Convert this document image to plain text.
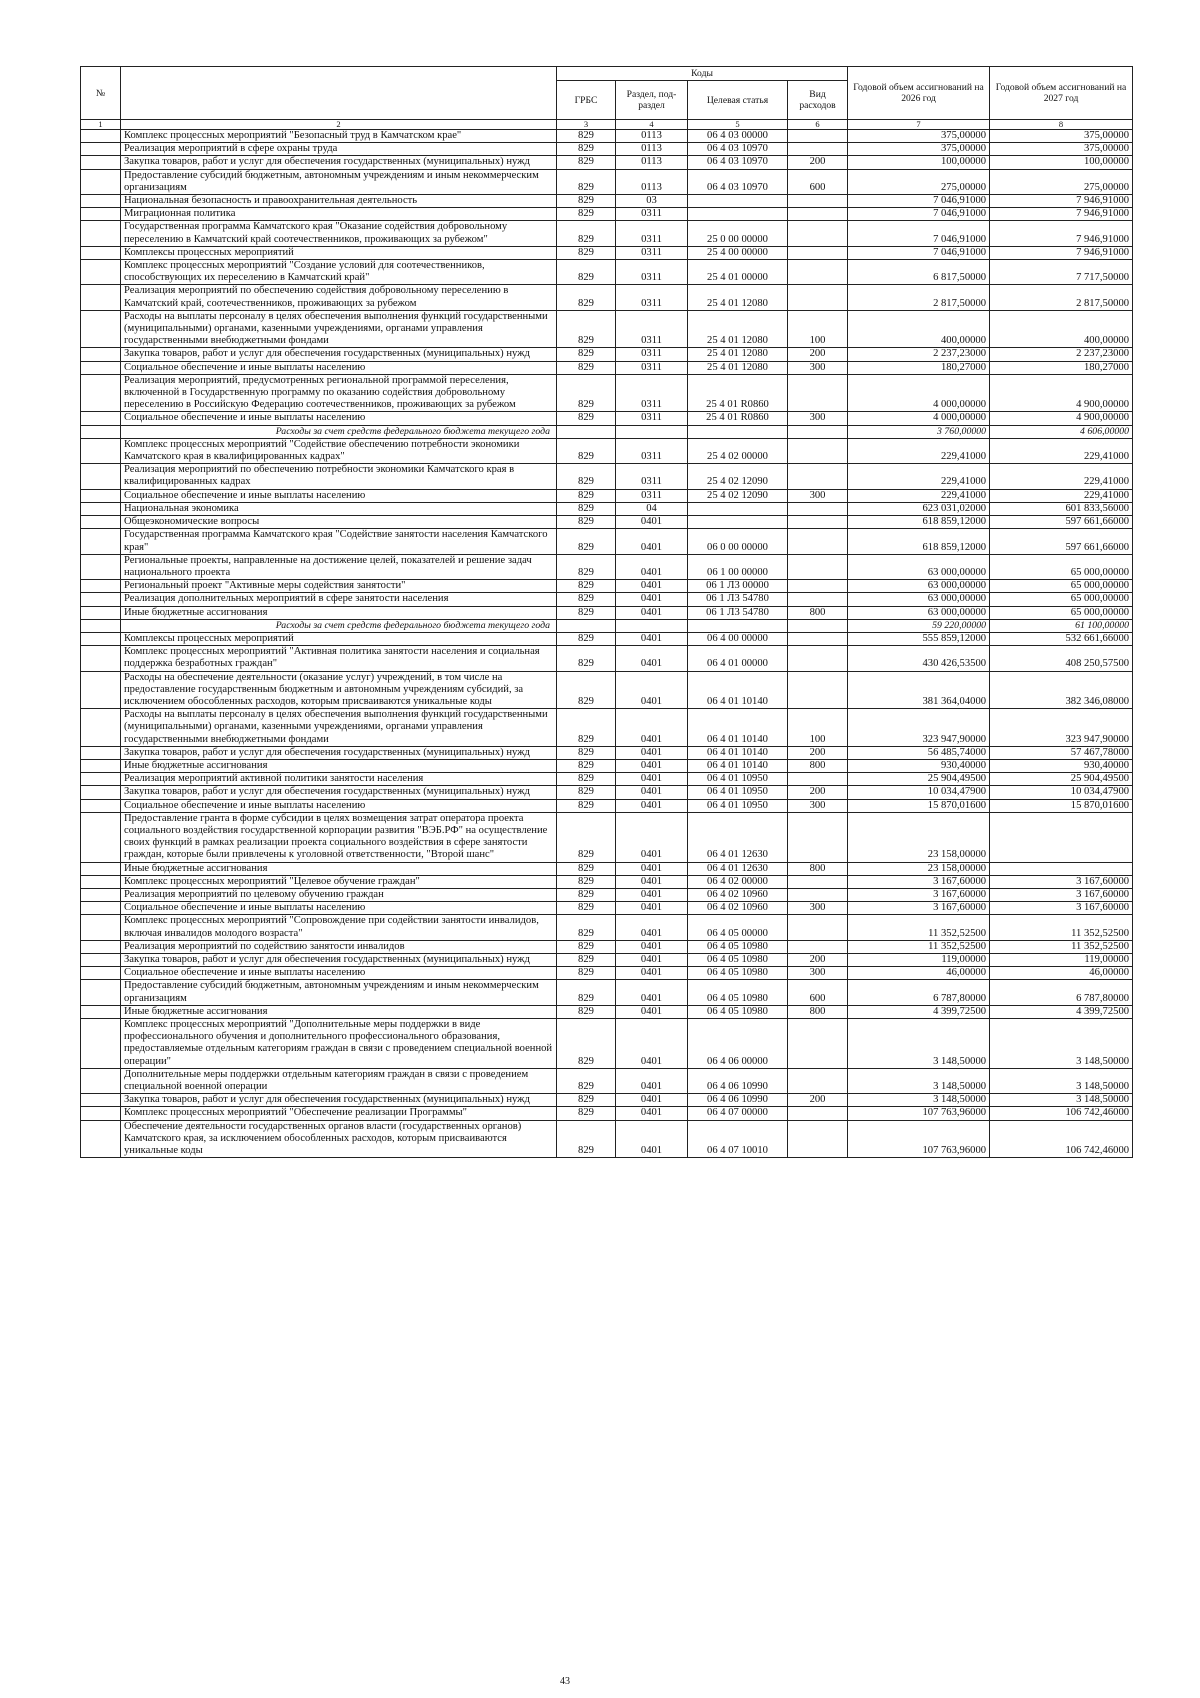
№		Коды				Годовой объем ассигнований на 2026 год	Годовой объем ассигнований на 2027 год
		ГРБС	Раздел, под-раздел	Целевая статья	Вид расходов		
1	2	3	4	5	6	7	8
	Комплекс процессных мероприятий "Безопасный труд в Камчатском крае"	829	0113	06 4 03 00000		375,00000	375,00000
	Реализация мероприятий в сфере охраны труда	829	0113	06 4 03 10970		375,00000	375,00000
	Закупка товаров, работ и услуг для обеспечения государственных (муниципальных) нужд	829	0113	06 4 03 10970	200	100,00000	100,00000
	Предоставление субсидий бюджетным, автономным учреждениям и иным некоммерческим организациям	829	0113	06 4 03 10970	600	275,00000	275,00000
	Национальная безопасность и правоохранительная деятельность	829	03			7 046,91000	7 946,91000
	Миграционная политика	829	0311			7 046,91000	7 946,91000
	Государственная программа Камчатского края "Оказание содействия добровольному переселению в Камчатский край соотечественников, проживающих за рубежом"	829	0311	25 0 00 00000		7 046,91000	7 946,91000
	Комплексы процессных мероприятий	829	0311	25 4 00 00000		7 046,91000	7 946,91000
	Комплекс процессных мероприятий "Создание условий для соотечественников, способствующих их переселению в Камчатский край"	829	0311	25 4 01 00000		6 817,50000	7 717,50000
	Реализация мероприятий по обеспечению содействия добровольному переселению в Камчатский край, соотечественников, проживающих за рубежом	829	0311	25 4 01 12080		2 817,50000	2 817,50000
	Расходы на выплаты персоналу в целях обеспечения выполнения функций государственными (муниципальными) органами, казенными учреждениями, органами управления государственными внебюджетными фондами	829	0311	25 4 01 12080	100	400,00000	400,00000
	Закупка товаров, работ и услуг для обеспечения государственных (муниципальных) нужд	829	0311	25 4 01 12080	200	2 237,23000	2 237,23000
	Социальное обеспечение и иные выплаты населению	829	0311	25 4 01 12080	300	180,27000	180,27000
	Реализация мероприятий, предусмотренных региональной программой переселения, включенной в Государственную программу по оказанию содействия добровольному переселению в Российскую Федерацию соотечественников, проживающих за рубежом	829	0311	25 4 01 R0860		4 000,00000	4 900,00000
	Социальное обеспечение и иные выплаты населению	829	0311	25 4 01 R0860	300	4 000,00000	4 900,00000
	Расходы за счет средств федерального бюджета текущего года					3 760,00000	4 606,00000
	Комплекс процессных мероприятий "Содействие обеспечению потребности экономики Камчатского края в квалифицированных кадрах"	829	0311	25 4 02 00000		229,41000	229,41000
	Реализация мероприятий по обеспечению потребности экономики Камчатского края в квалифицированных кадрах	829	0311	25 4 02 12090		229,41000	229,41000
	Социальное обеспечение и иные выплаты населению	829	0311	25 4 02 12090	300	229,41000	229,41000
	Национальная экономика	829	04			623 031,02000	601 833,56000
	Общеэкономические вопросы	829	0401			618 859,12000	597 661,66000
	Государственная программа Камчатского края "Содействие занятости населения Камчатского края"	829	0401	06 0 00 00000		618 859,12000	597 661,66000
	Региональные проекты, направленные на достижение целей, показателей и решение задач национального проекта	829	0401	06 1 00 00000		63 000,00000	65 000,00000
	Региональный проект "Активные меры содействия занятости"	829	0401	06 1 Л3 00000		63 000,00000	65 000,00000
	Реализация дополнительных мероприятий в сфере занятости населения	829	0401	06 1 Л3 54780		63 000,00000	65 000,00000
	Иные бюджетные ассигнования	829	0401	06 1 Л3 54780	800	63 000,00000	65 000,00000
	Расходы за счет средств федерального бюджета текущего года					59 220,00000	61 100,00000
	Комплексы процессных мероприятий	829	0401	06 4 00 00000		555 859,12000	532 661,66000
	Комплекс процессных мероприятий "Активная политика занятости населения и социальная поддержка безработных граждан"	829	0401	06 4 01 00000		430 426,53500	408 250,57500
	Расходы на обеспечение деятельности (оказание услуг) учреждений, в том числе на предоставление государственным бюджетным и автономным учреждениям субсидий, за исключением обособленных расходов, которым присваиваются уникальные коды	829	0401	06 4 01 10140		381 364,04000	382 346,08000
	Расходы на выплаты персоналу в целях обеспечения выполнения функций государственными (муниципальными) органами, казенными учреждениями, органами управления государственными внебюджетными фондами	829	0401	06 4 01 10140	100	323 947,90000	323 947,90000
	Закупка товаров, работ и услуг для обеспечения государственных (муниципальных) нужд	829	0401	06 4 01 10140	200	56 485,74000	57 467,78000
	Иные бюджетные ассигнования	829	0401	06 4 01 10140	800	930,40000	930,40000
	Реализация мероприятий активной политики занятости населения	829	0401	06 4 01 10950		25 904,49500	25 904,49500
	Закупка товаров, работ и услуг для обеспечения государственных (муниципальных) нужд	829	0401	06 4 01 10950	200	10 034,47900	10 034,47900
	Социальное обеспечение и иные выплаты населению	829	0401	06 4 01 10950	300	15 870,01600	15 870,01600
	Предоставление гранта в форме субсидии в целях возмещения затрат оператора проекта социального воздействия государственной корпорации развития "ВЭБ.РФ" на осуществление своих функций в рамках реализации проекта социального воздействия в сфере занятости граждан, которые были привлечены к уголовной ответственности, "Второй шанс"	829	0401	06 4 01 12630		23 158,00000	
	Иные бюджетные ассигнования	829	0401	06 4 01 12630	800	23 158,00000	
	Комплекс процессных мероприятий "Целевое обучение граждан"	829	0401	06 4 02 00000		3 167,60000	3 167,60000
	Реализация мероприятий по целевому обучению граждан	829	0401	06 4 02 10960		3 167,60000	3 167,60000
	Социальное обеспечение и иные выплаты населению	829	0401	06 4 02 10960	300	3 167,60000	3 167,60000
	Комплекс процессных мероприятий "Сопровождение при содействии занятости инвалидов, включая инвалидов молодого возраста"	829	0401	06 4 05 00000		11 352,52500	11 352,52500
	Реализация мероприятий по содействию занятости инвалидов	829	0401	06 4 05 10980		11 352,52500	11 352,52500
	Закупка товаров, работ и услуг для обеспечения государственных (муниципальных) нужд	829	0401	06 4 05 10980	200	119,00000	119,00000
	Социальное обеспечение и иные выплаты населению	829	0401	06 4 05 10980	300	46,00000	46,00000
	Предоставление субсидий бюджетным, автономным учреждениям и иным некоммерческим организациям	829	0401	06 4 05 10980	600	6 787,80000	6 787,80000
	Иные бюджетные ассигнования	829	0401	06 4 05 10980	800	4 399,72500	4 399,72500
	Комплекс процессных мероприятий "Дополнительные меры поддержки в виде профессионального обучения и дополнительного профессионального образования, предоставляемые отдельным категориям граждан в связи с проведением специальной военной операции"	829	0401	06 4 06 00000		3 148,50000	3 148,50000
	Дополнительные меры поддержки отдельным категориям граждан в связи с проведением специальной военной операции	829	0401	06 4 06 10990		3 148,50000	3 148,50000
	Закупка товаров, работ и услуг для обеспечения государственных (муниципальных) нужд	829	0401	06 4 06 10990	200	3 148,50000	3 148,50000
	Комплекс процессных мероприятий "Обеспечение реализации Программы"	829	0401	06 4 07 00000		107 763,96000	106 742,46000
	Обеспечение деятельности государственных органов власти (государственных органов) Камчатского края, за исключением обособленных расходов, которым присваиваются уникальные коды	829	0401	06 4 07 10010		107 763,96000	106 742,46000
43
